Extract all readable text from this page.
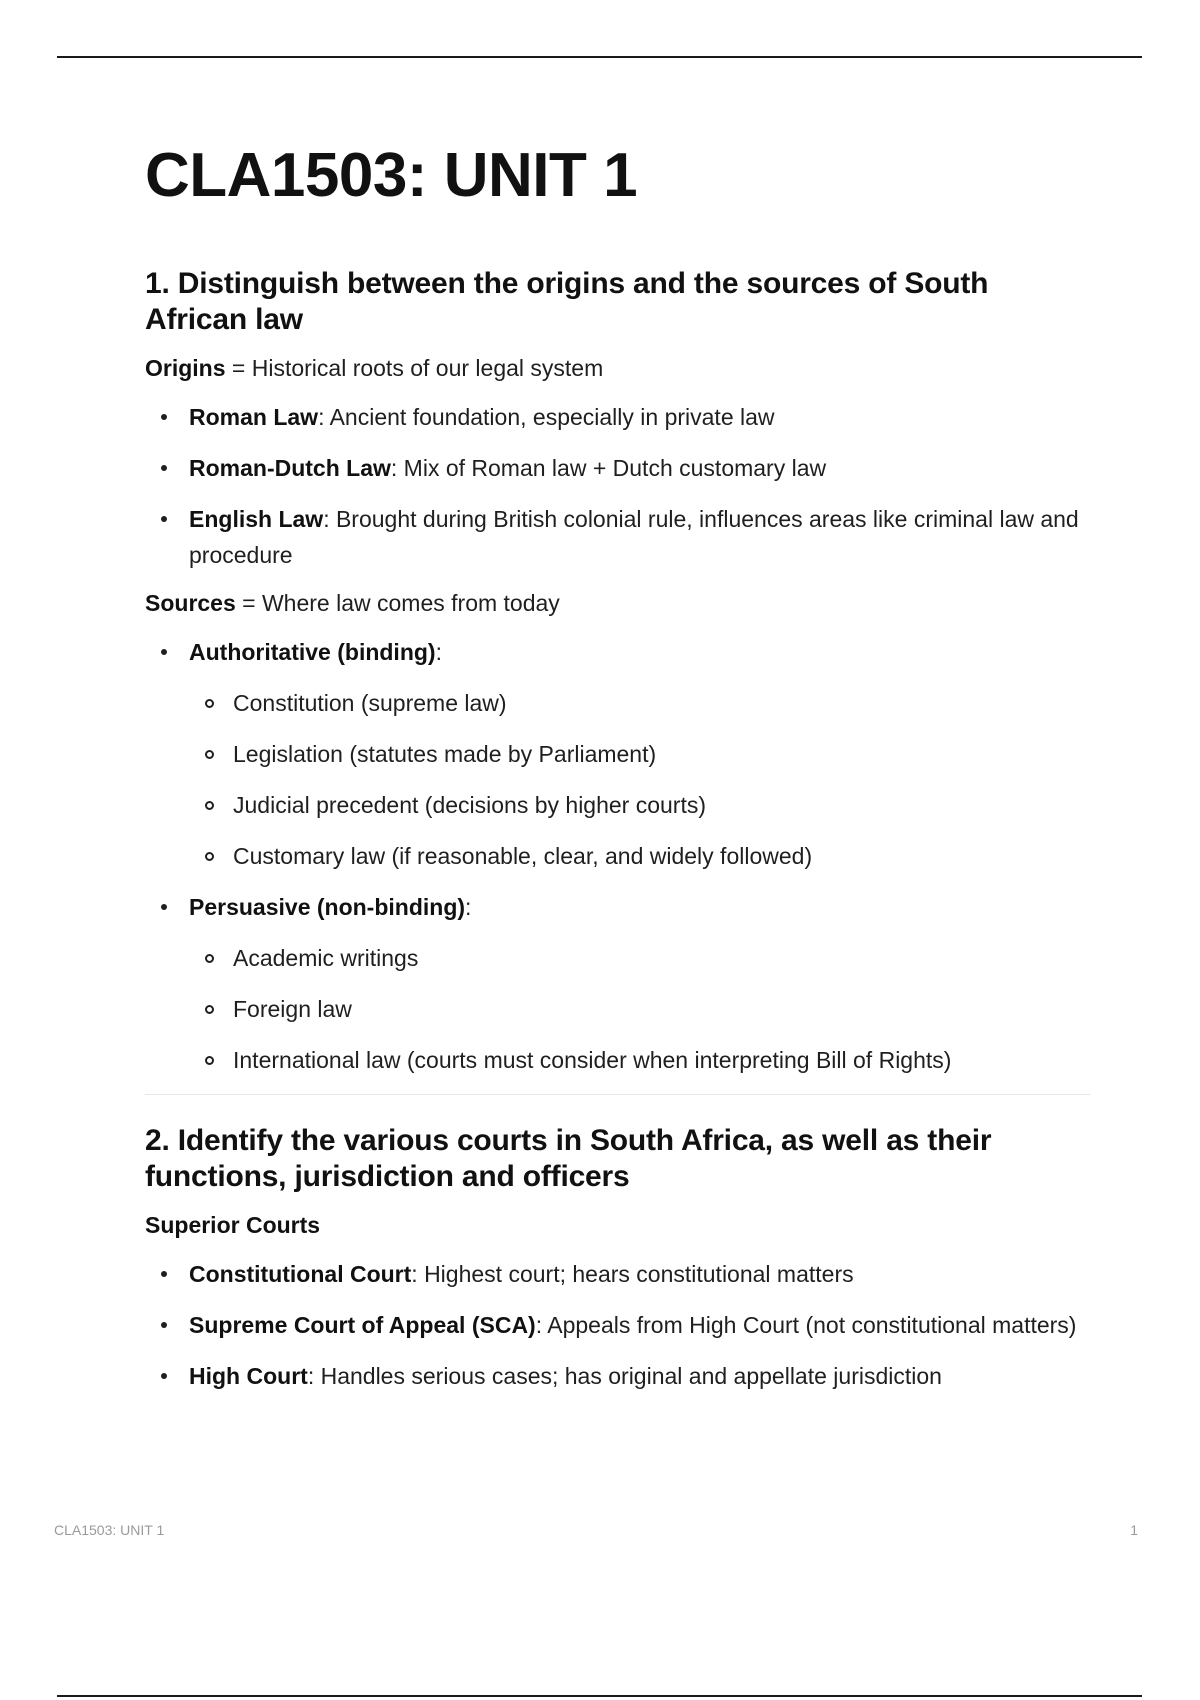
CLA1503: UNIT 1
1. Distinguish between the origins and the sources of South African law

Origins = Historical roots of our legal system

Roman Law: Ancient foundation, especially in private law
Roman-Dutch Law: Mix of Roman law + Dutch customary law
English Law: Brought during British colonial rule, influences areas like criminal law and procedure

Sources = Where law comes from today

Authoritative (binding):
Constitution (supreme law)
Legislation (statutes made by Parliament)
Judicial precedent (decisions by higher courts)
Customary law (if reasonable, clear, and widely followed)
Persuasive (non-binding):
Academic writings
Foreign law
International law (courts must consider when interpreting Bill of Rights)
2. Identify the various courts in South Africa, as well as their functions, jurisdiction and officers

Superior Courts

Constitutional Court: Highest court; hears constitutional matters
Supreme Court of Appeal (SCA): Appeals from High Court (not constitutional matters)
High Court: Handles serious cases; has original and appellate jurisdiction
CLA1503: UNIT 1	1
